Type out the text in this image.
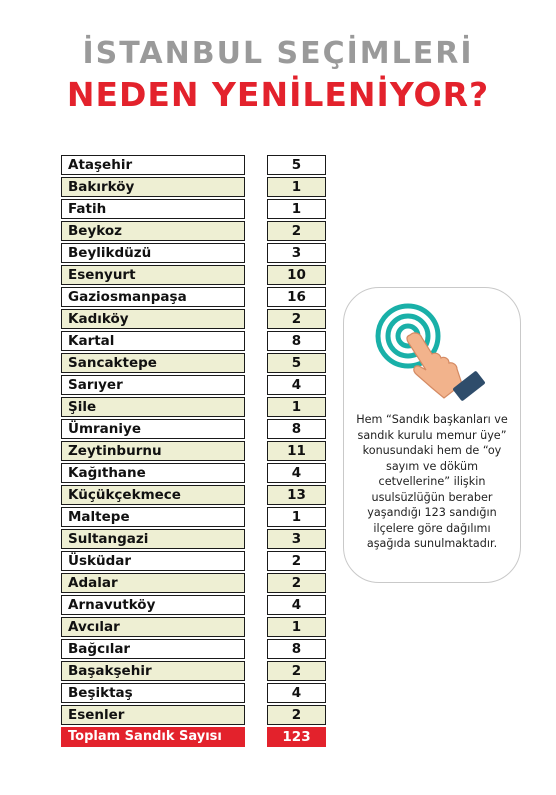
İSTANBUL SEÇİMLERİ
NEDEN YENİLENİYOR?
Ataşehir	5
Bakırköy	1
Fatih	1
Beykoz	2
Beylikdüzü	3
Esenyurt	10
Gaziosmanpaşa	16
Kadıköy	2
Kartal	8
Sancaktepe	5
Sarıyer	4
Şile	1
Ümraniye	8
Zeytinburnu	11
Kağıthane	4
Küçükçekmece	13
Maltepe	1
Sultangazi	3
Üsküdar	2
Adalar	2
Arnavutköy	4
Avcılar	1
Bağcılar	8
Başakşehir	2
Beşiktaş	4
Esenler	2
Toplam Sandık Sayısı	123
Hem “Sandık başkanları ve sandık kurulu memur üye” konusundaki hem de “oy sayım ve döküm cetvellerine” ilişkin usulsüzlüğün beraber yaşandığı 123 sandığın ilçelere göre dağılımı aşağıda sunulmaktadır.
